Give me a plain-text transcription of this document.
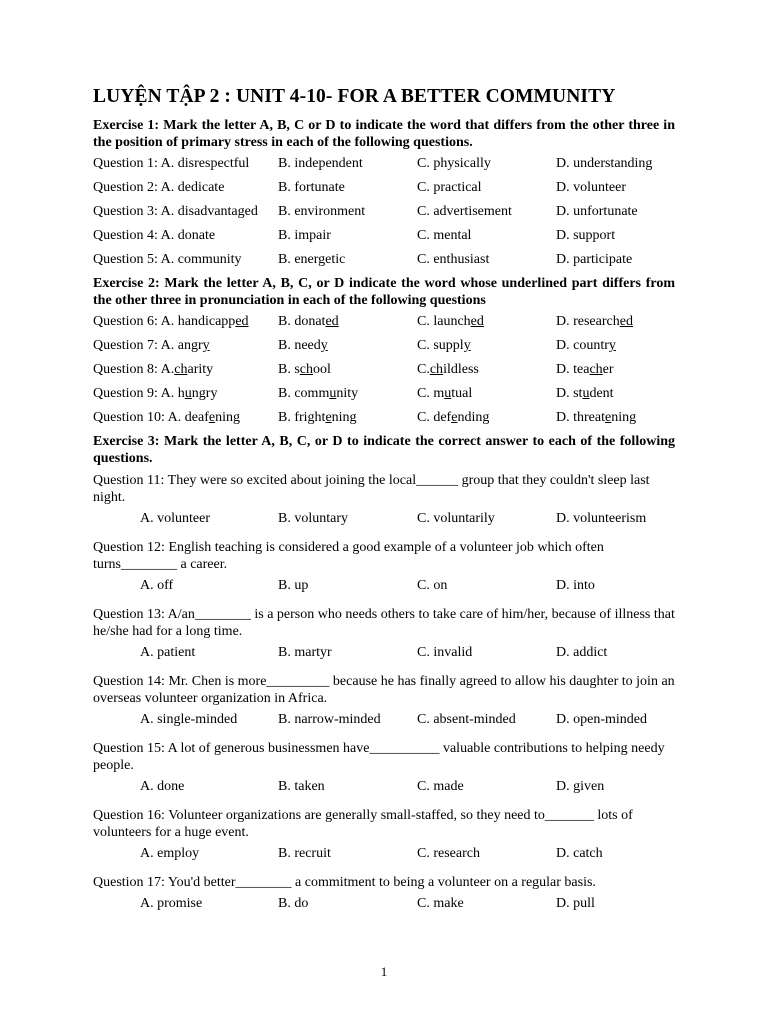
LUYỆN TẬP 2 : UNIT 4-10- FOR A BETTER COMMUNITY
Exercise 1: Mark the letter A, B, C or D to indicate the word that differs from the other three in the position of primary stress in each of the following questions.
Question 1: A. disrespectful	B. independent	C. physically	D. understanding
Question 2: A. dedicate	B. fortunate	C. practical	D. volunteer
Question 3: A. disadvantaged	B. environment	C. advertisement	D. unfortunate
Question 4: A. donate	B. impair	C. mental	D. support
Question 5: A. community	B. energetic	C. enthusiast	D. participate
Exercise 2: Mark the letter A, B, C, or D indicate the word whose underlined part differs from the other three in pronunciation in each of the following questions
Question 6: A. handicapped	B. donated	C. launched	D. researched
Question 7: A. angry	B. needy	C. supply	D. country
Question 8: A.charity	B. school	C.childless	D. teacher
Question 9: A. hungry	B. community	C. mutual	D. student
Question 10: A. deafening	B. frightening	C. defending	D. threatening
Exercise 3: Mark the letter A, B, C, or D to indicate the correct answer to each of the following questions.
Question 11: They were so excited about joining the local______ group that they couldn't sleep last night.
A. volunteer	B. voluntary	C. voluntarily	D. volunteerism
Question 12: English teaching is considered a good example of a volunteer job which often turns________ a career.
A. off	B. up	C. on	D. into
Question 13: A/an________ is a person who needs others to take care of him/her, because of illness that he/she had for a long time.
A. patient	B. martyr	C. invalid	D. addict
Question 14: Mr. Chen is more_________ because he has finally agreed to allow his daughter to join an overseas volunteer organization in Africa.
A. single-minded	B. narrow-minded	C. absent-minded	D. open-minded
Question 15: A lot of generous businessmen have__________ valuable contributions to helping needy people.
A. done	B. taken	C. made	D. given
Question 16: Volunteer organizations are generally small-staffed, so they need to_______ lots of volunteers for a huge event.
A. employ	B. recruit	C. research	D. catch
Question 17: You'd better________ a commitment to being a volunteer on a regular basis.
A. promise	B. do	C. make	D. pull
1
